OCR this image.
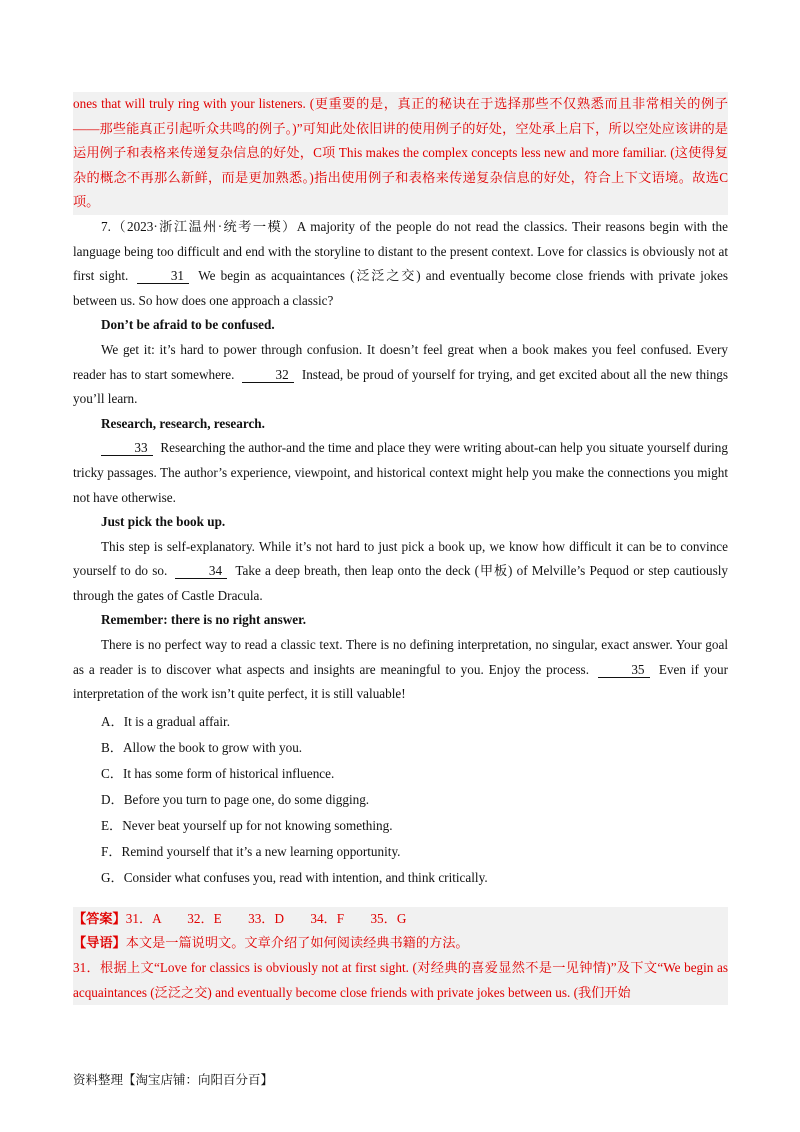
ones that will truly ring with your listeners. (更重要的是，真正的秘诀在于选择那些不仅熟悉而且非常相关的例子——那些能真正引起听众共鸣的例子。)”可知此处依旧讲的使用例子的好处，空处承上启下，所以空处应该讲的是运用例子和表格来传递复杂信息的好处，C项 This makes the complex concepts less new and more familiar. (这使得复杂的概念不再那么新鲜，而是更加熟悉。)指出使用例子和表格来传递复杂信息的好处，符合上下文语境。故选C项。

7.（2023·浙江温州·统考一模）A majority of the people do not read the classics. Their reasons begin with the language being too difficult and end with the storyline to distant to the present context. Love for classics is obviously not at first sight.	31 We begin as acquaintances (泛泛之交) and eventually become close friends with private jokes between us. So how does one approach a classic?

Don’t be afraid to be confused.

We get it: it’s hard to power through confusion. It doesn’t feel great when a book makes you feel confused. Every reader has to start somewhere.	32 Instead, be proud of yourself for trying, and get excited about all the new things you’ll learn.

Research, research, research.

33 Researching the author-and the time and place they were writing about-can help you situate yourself during tricky passages. The author’s experience, viewpoint, and historical context might help you make the connections you might not have otherwise.

Just pick the book up.

This step is self-explanatory. While it’s not hard to just pick a book up, we know how difficult it can be to convince yourself to do so.	34 Take a deep breath, then leap onto the deck (甲板) of Melville’s Pequod or step cautiously through the gates of Castle Dracula.

Remember: there is no right answer.

There is no perfect way to read a classic text. There is no defining interpretation, no singular, exact answer. Your goal as a reader is to discover what aspects and insights are meaningful to you. Enjoy the process.	35 Even if your interpretation of the work isn’t quite perfect, it is still valuable!

A．It is a gradual affair.

B．Allow the book to grow with you.

C．It has some form of historical influence.

D．Before you turn to page one, do some digging.

E．Never beat yourself up for not knowing something.

F．Remind yourself that it’s a new learning opportunity.

G．Consider what confuses you, read with intention, and think critically.

【答案】31．A　　32．E　　33．D　　34．F　　35．G

【导语】本文是一篇说明文。文章介绍了如何阅读经典书籍的方法。

31．根据上文“Love for classics is obviously not at first sight. (对经典的喜爱显然不是一见钟情)”及下文“We begin as acquaintances (泛泛之交) and eventually become close friends with private jokes between us. (我们开始

资料整理【淘宝店铺：向阳百分百】
